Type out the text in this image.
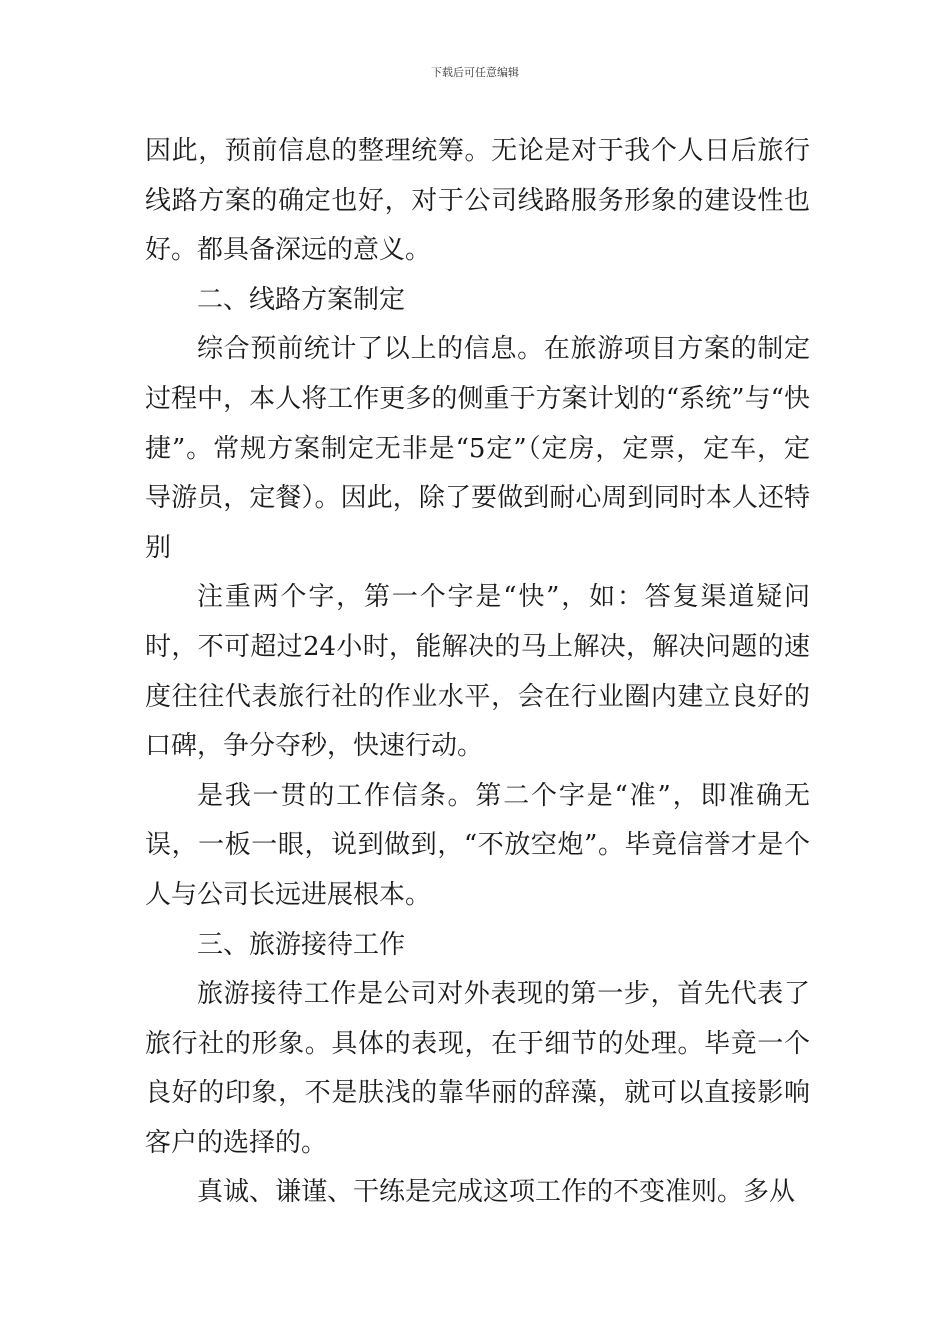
下载后可任意编辑

因此，预前信息的整理统筹。无论是对于我个人日后旅行线路方案的确定也好，对于公司线路服务形象的建设性也好。都具备深远的意义。

二、线路方案制定

综合预前统计了以上的信息。在旅游项目方案的制定过程中，本人将工作更多的侧重于方案计划的“系统”与“快捷”。常规方案制定无非是“5定”（定房，定票，定车，定导游员，定餐）。因此，除了要做到耐心周到同时本人还特别

注重两个字，第一个字是“快”，如：答复渠道疑问时，不可超过24小时，能解决的马上解决，解决问题的速度往往代表旅行社的作业水平，会在行业圈内建立良好的口碑，争分夺秒，快速行动。

是我一贯的工作信条。第二个字是“准”，即准确无误，一板一眼，说到做到，“不放空炮”。毕竟信誉才是个人与公司长远进展根本。

三、旅游接待工作

旅游接待工作是公司对外表现的第一步，首先代表了旅行社的形象。具体的表现，在于细节的处理。毕竟一个良好的印象，不是肤浅的靠华丽的辞藻，就可以直接影响客户的选择的。

真诚、谦谨、干练是完成这项工作的不变准则。多从
